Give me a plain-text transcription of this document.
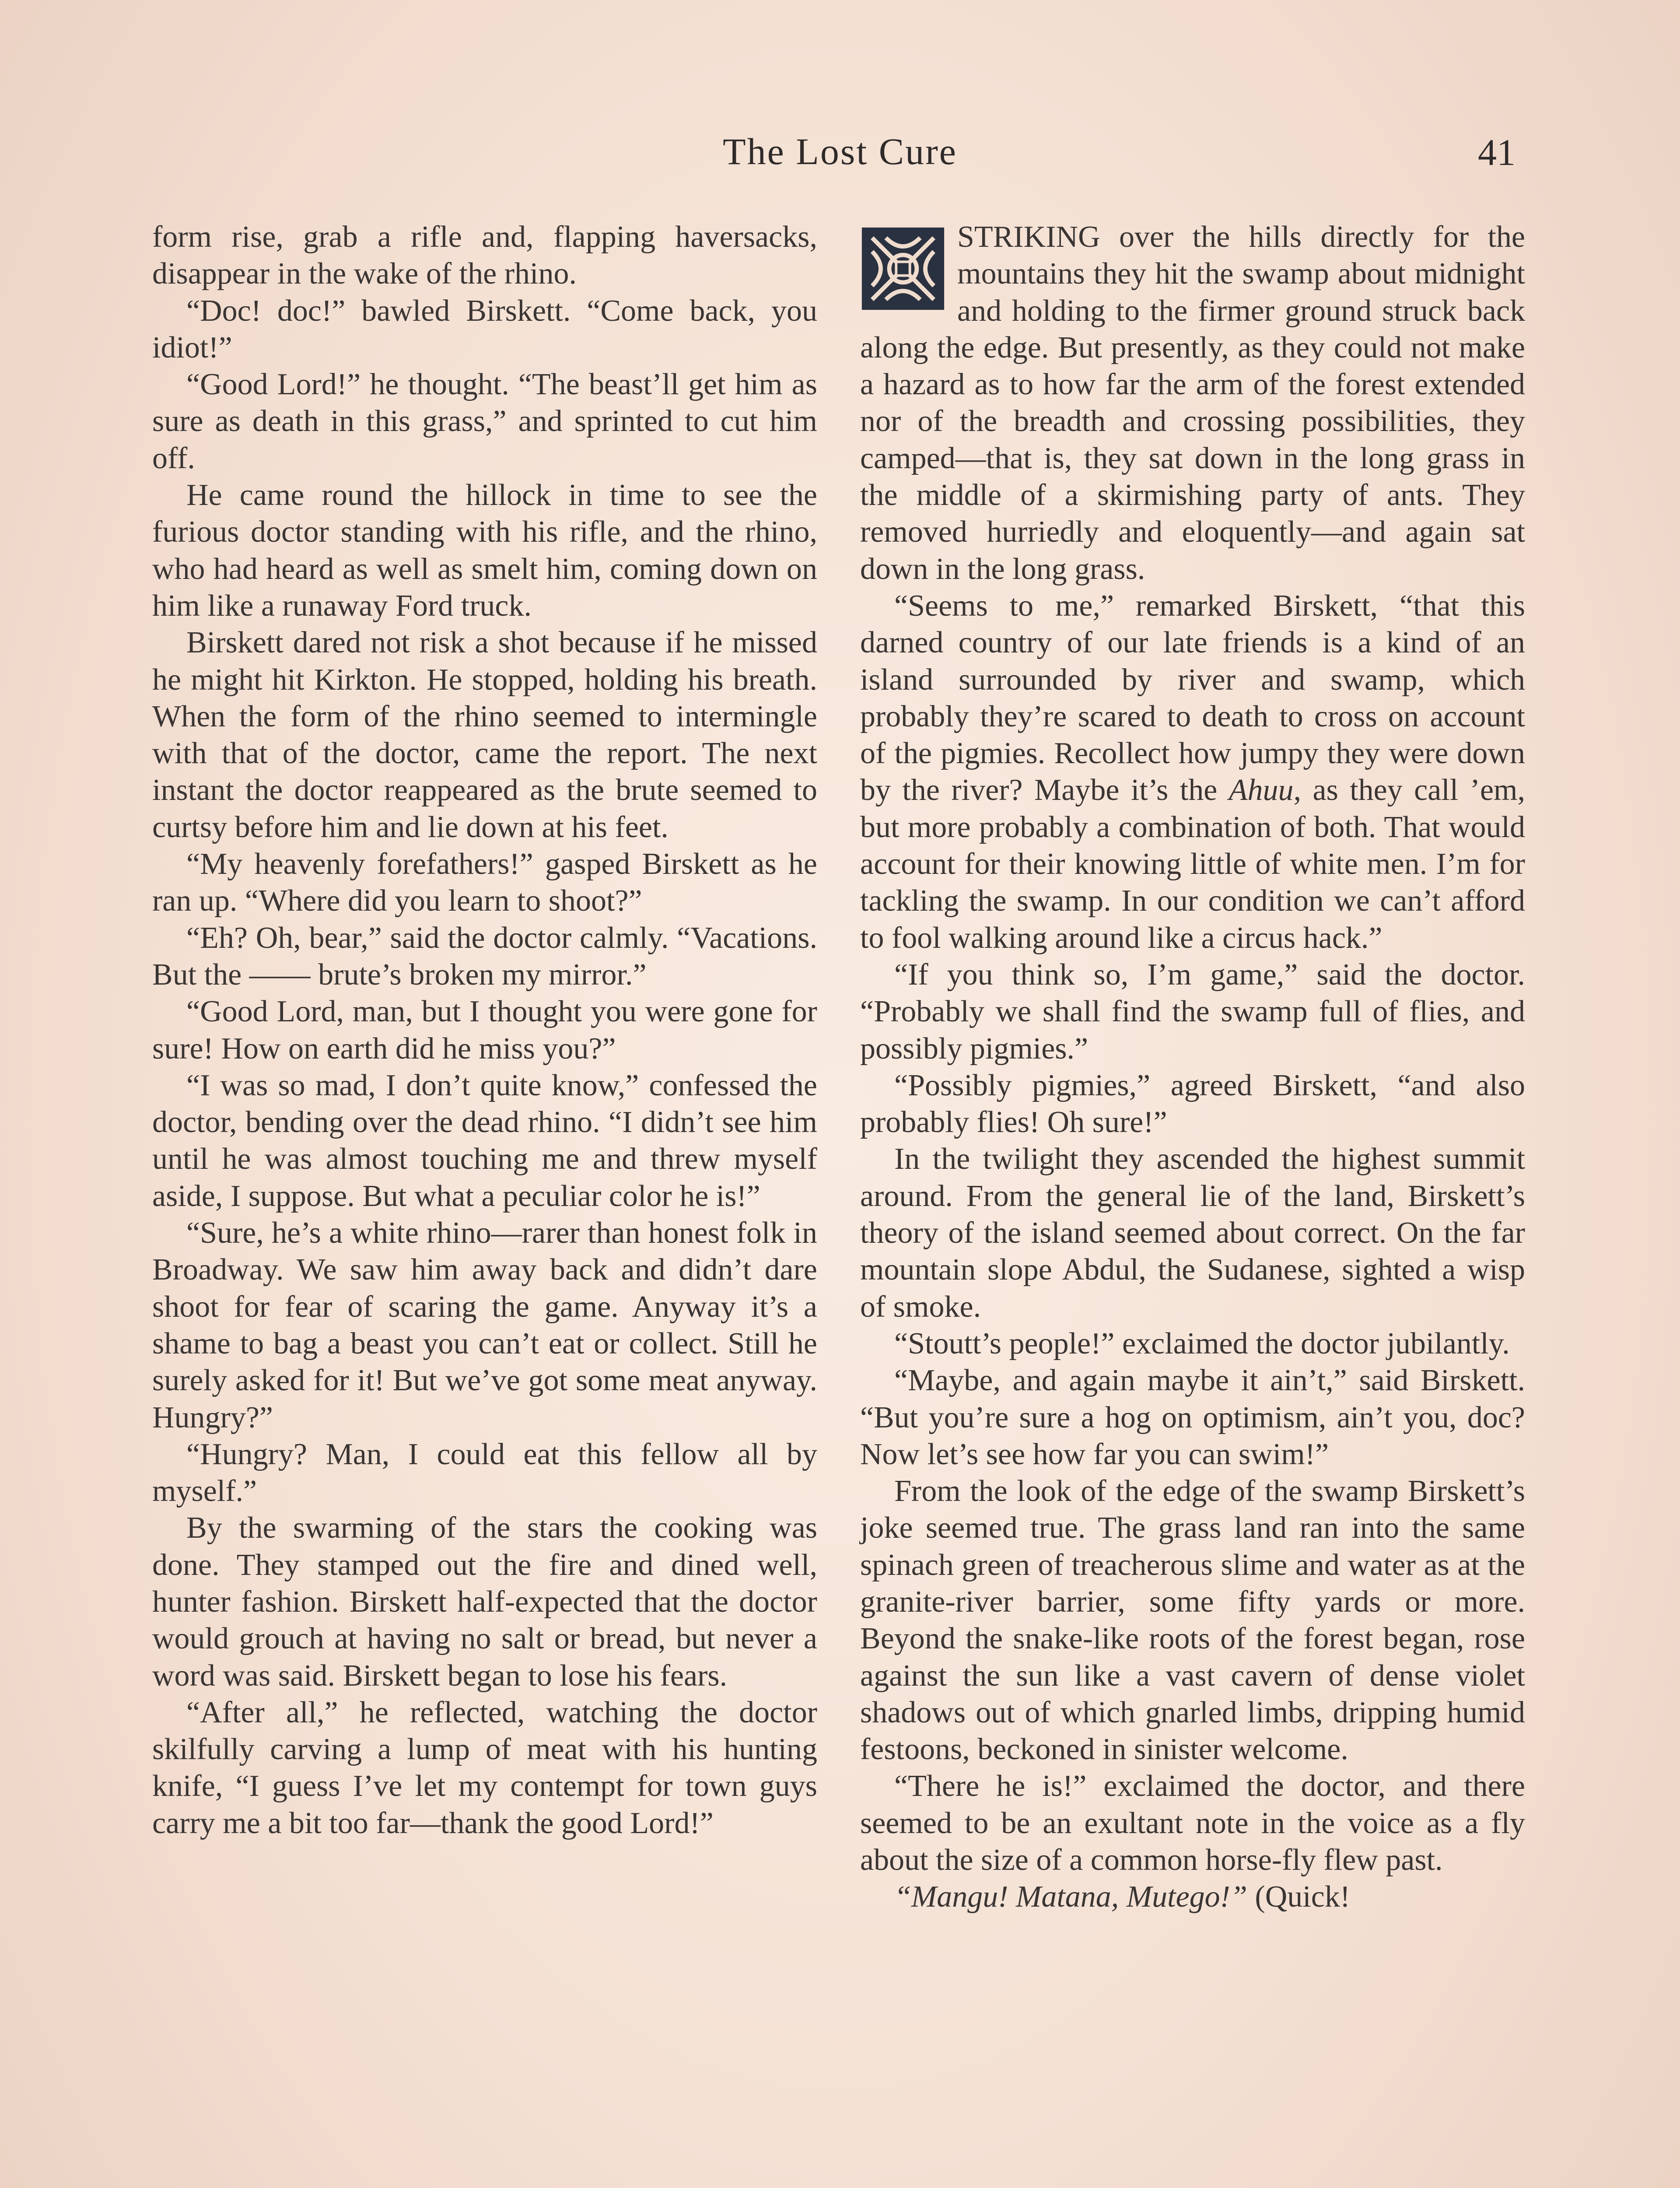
The Lost Cure	41

form rise, grab a rifle and, flapping haversacks, disappear in the wake of the rhino.

“Doc! doc!” bawled Birskett. “Come back, you idiot!”

“Good Lord!” he thought. “The beast’ll get him as sure as death in this grass,” and sprinted to cut him off.

He came round the hillock in time to see the furious doctor standing with his rifle, and the rhino, who had heard as well as smelt him, coming down on him like a runaway Ford truck.

Birskett dared not risk a shot because if he missed he might hit Kirkton. He stopped, holding his breath. When the form of the rhino seemed to intermingle with that of the doctor, came the report. The next instant the doctor reappeared as the brute seemed to curtsy before him and lie down at his feet.

“My heavenly forefathers!” gasped Birskett as he ran up. “Where did you learn to shoot?”

“Eh? Oh, bear,” said the doctor calmly. “Vacations. But the —— brute’s broken my mirror.”

“Good Lord, man, but I thought you were gone for sure! How on earth did he miss you?”

“I was so mad, I don’t quite know,” confessed the doctor, bending over the dead rhino. “I didn’t see him until he was almost touching me and threw myself aside, I suppose. But what a peculiar color he is!”

“Sure, he’s a white rhino—rarer than honest folk in Broadway. We saw him away back and didn’t dare shoot for fear of scaring the game. Anyway it’s a shame to bag a beast you can’t eat or collect. Still he surely asked for it! But we’ve got some meat anyway. Hungry?”

“Hungry? Man, I could eat this fellow all by myself.”

By the swarming of the stars the cooking was done. They stamped out the fire and dined well, hunter fashion. Birskett half-expected that the doctor would grouch at having no salt or bread, but never a word was said. Birskett began to lose his fears.

“After all,” he reflected, watching the doctor skilfully carving a lump of meat with his hunting knife, “I guess I’ve let my contempt for town guys carry me a bit too far—thank the good Lord!”

STRIKING over the hills directly for the mountains they hit the swamp about midnight and holding to the firmer ground struck back along the edge. But presently, as they could not make a hazard as to how far the arm of the forest extended nor of the breadth and crossing possibilities, they camped—that is, they sat down in the long grass in the middle of a skirmishing party of ants. They removed hurriedly and eloquently—and again sat down in the long grass.

“Seems to me,” remarked Birskett, “that this darned country of our late friends is a kind of an island surrounded by river and swamp, which probably they’re scared to death to cross on account of the pigmies. Recollect how jumpy they were down by the river? Maybe it’s the Ahuu, as they call ’em, but more probably a combination of both. That would account for their knowing little of white men. I’m for tackling the swamp. In our condition we can’t afford to fool walking around like a circus hack.”

“If you think so, I’m game,” said the doctor. “Probably we shall find the swamp full of flies, and possibly pigmies.”

“Possibly pigmies,” agreed Birskett, “and also probably flies! Oh sure!”

In the twilight they ascended the highest summit around. From the general lie of the land, Birskett’s theory of the island seemed about correct. On the far mountain slope Abdul, the Sudanese, sighted a wisp of smoke.

“Stoutt’s people!” exclaimed the doctor jubilantly.

“Maybe, and again maybe it ain’t,” said Birskett. “But you’re sure a hog on optimism, ain’t you, doc? Now let’s see how far you can swim!”

From the look of the edge of the swamp Birskett’s joke seemed true. The grass land ran into the same spinach green of treacherous slime and water as at the granite-river barrier, some fifty yards or more. Beyond the snake-like roots of the forest began, rose against the sun like a vast cavern of dense violet shadows out of which gnarled limbs, dripping humid festoons, beckoned in sinister welcome.

“There he is!” exclaimed the doctor, and there seemed to be an exultant note in the voice as a fly about the size of a common horse-fly flew past.

“Mangu! Matana, Mutego!” (Quick!
